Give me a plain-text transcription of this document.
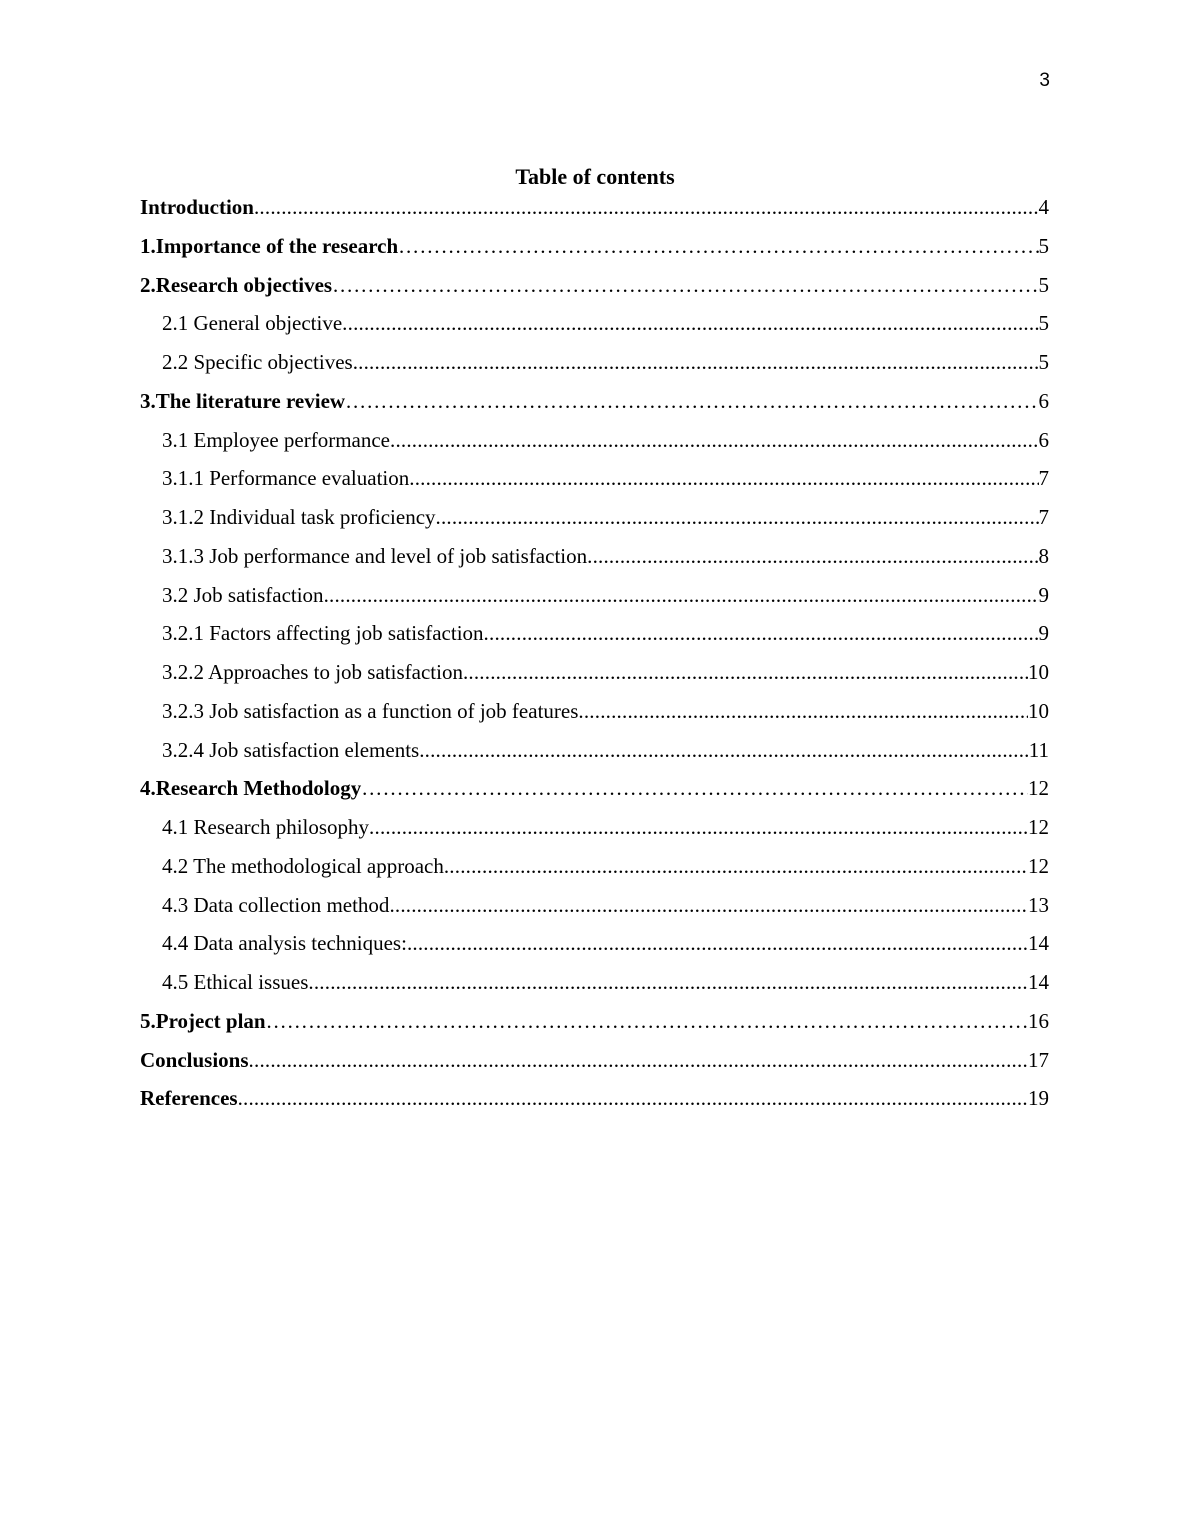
3
Table of contents
Introduction .....	4
1.Importance of the research ………………………………………………………………………………………………………………………………………………………………………………	5
2.Research objectives ………………………………………………………………………………………………………………………………………………………………………………	5
2.1 General objective .....	5
2.2 Specific objectives .....	5
3.The literature review ………………………………………………………………………………………………………………………………………………………………………………	6
3.1 Employee performance .....	6
3.1.1 Performance evaluation .....	7
3.1.2 Individual task proficiency .....	7
3.1.3 Job performance and level of job satisfaction .....	8
3.2 Job satisfaction .....	9
3.2.1 Factors affecting job satisfaction .....	9
3.2.2 Approaches to job satisfaction .....	10
3.2.3 Job satisfaction as a function of job features .....	10
3.2.4 Job satisfaction elements .....	11
4.Research Methodology ………………………………………………………………………………………………………………………………………………………………………………	12
4.1 Research philosophy .....	12
4.2 The methodological approach .....	12
4.3 Data collection method .....	13
4.4 Data analysis techniques: .....	14
4.5 Ethical issues .....	14
5.Project plan ………………………………………………………………………………………………………………………………………………………………………………	16
Conclusions .....	17
References .....	19
